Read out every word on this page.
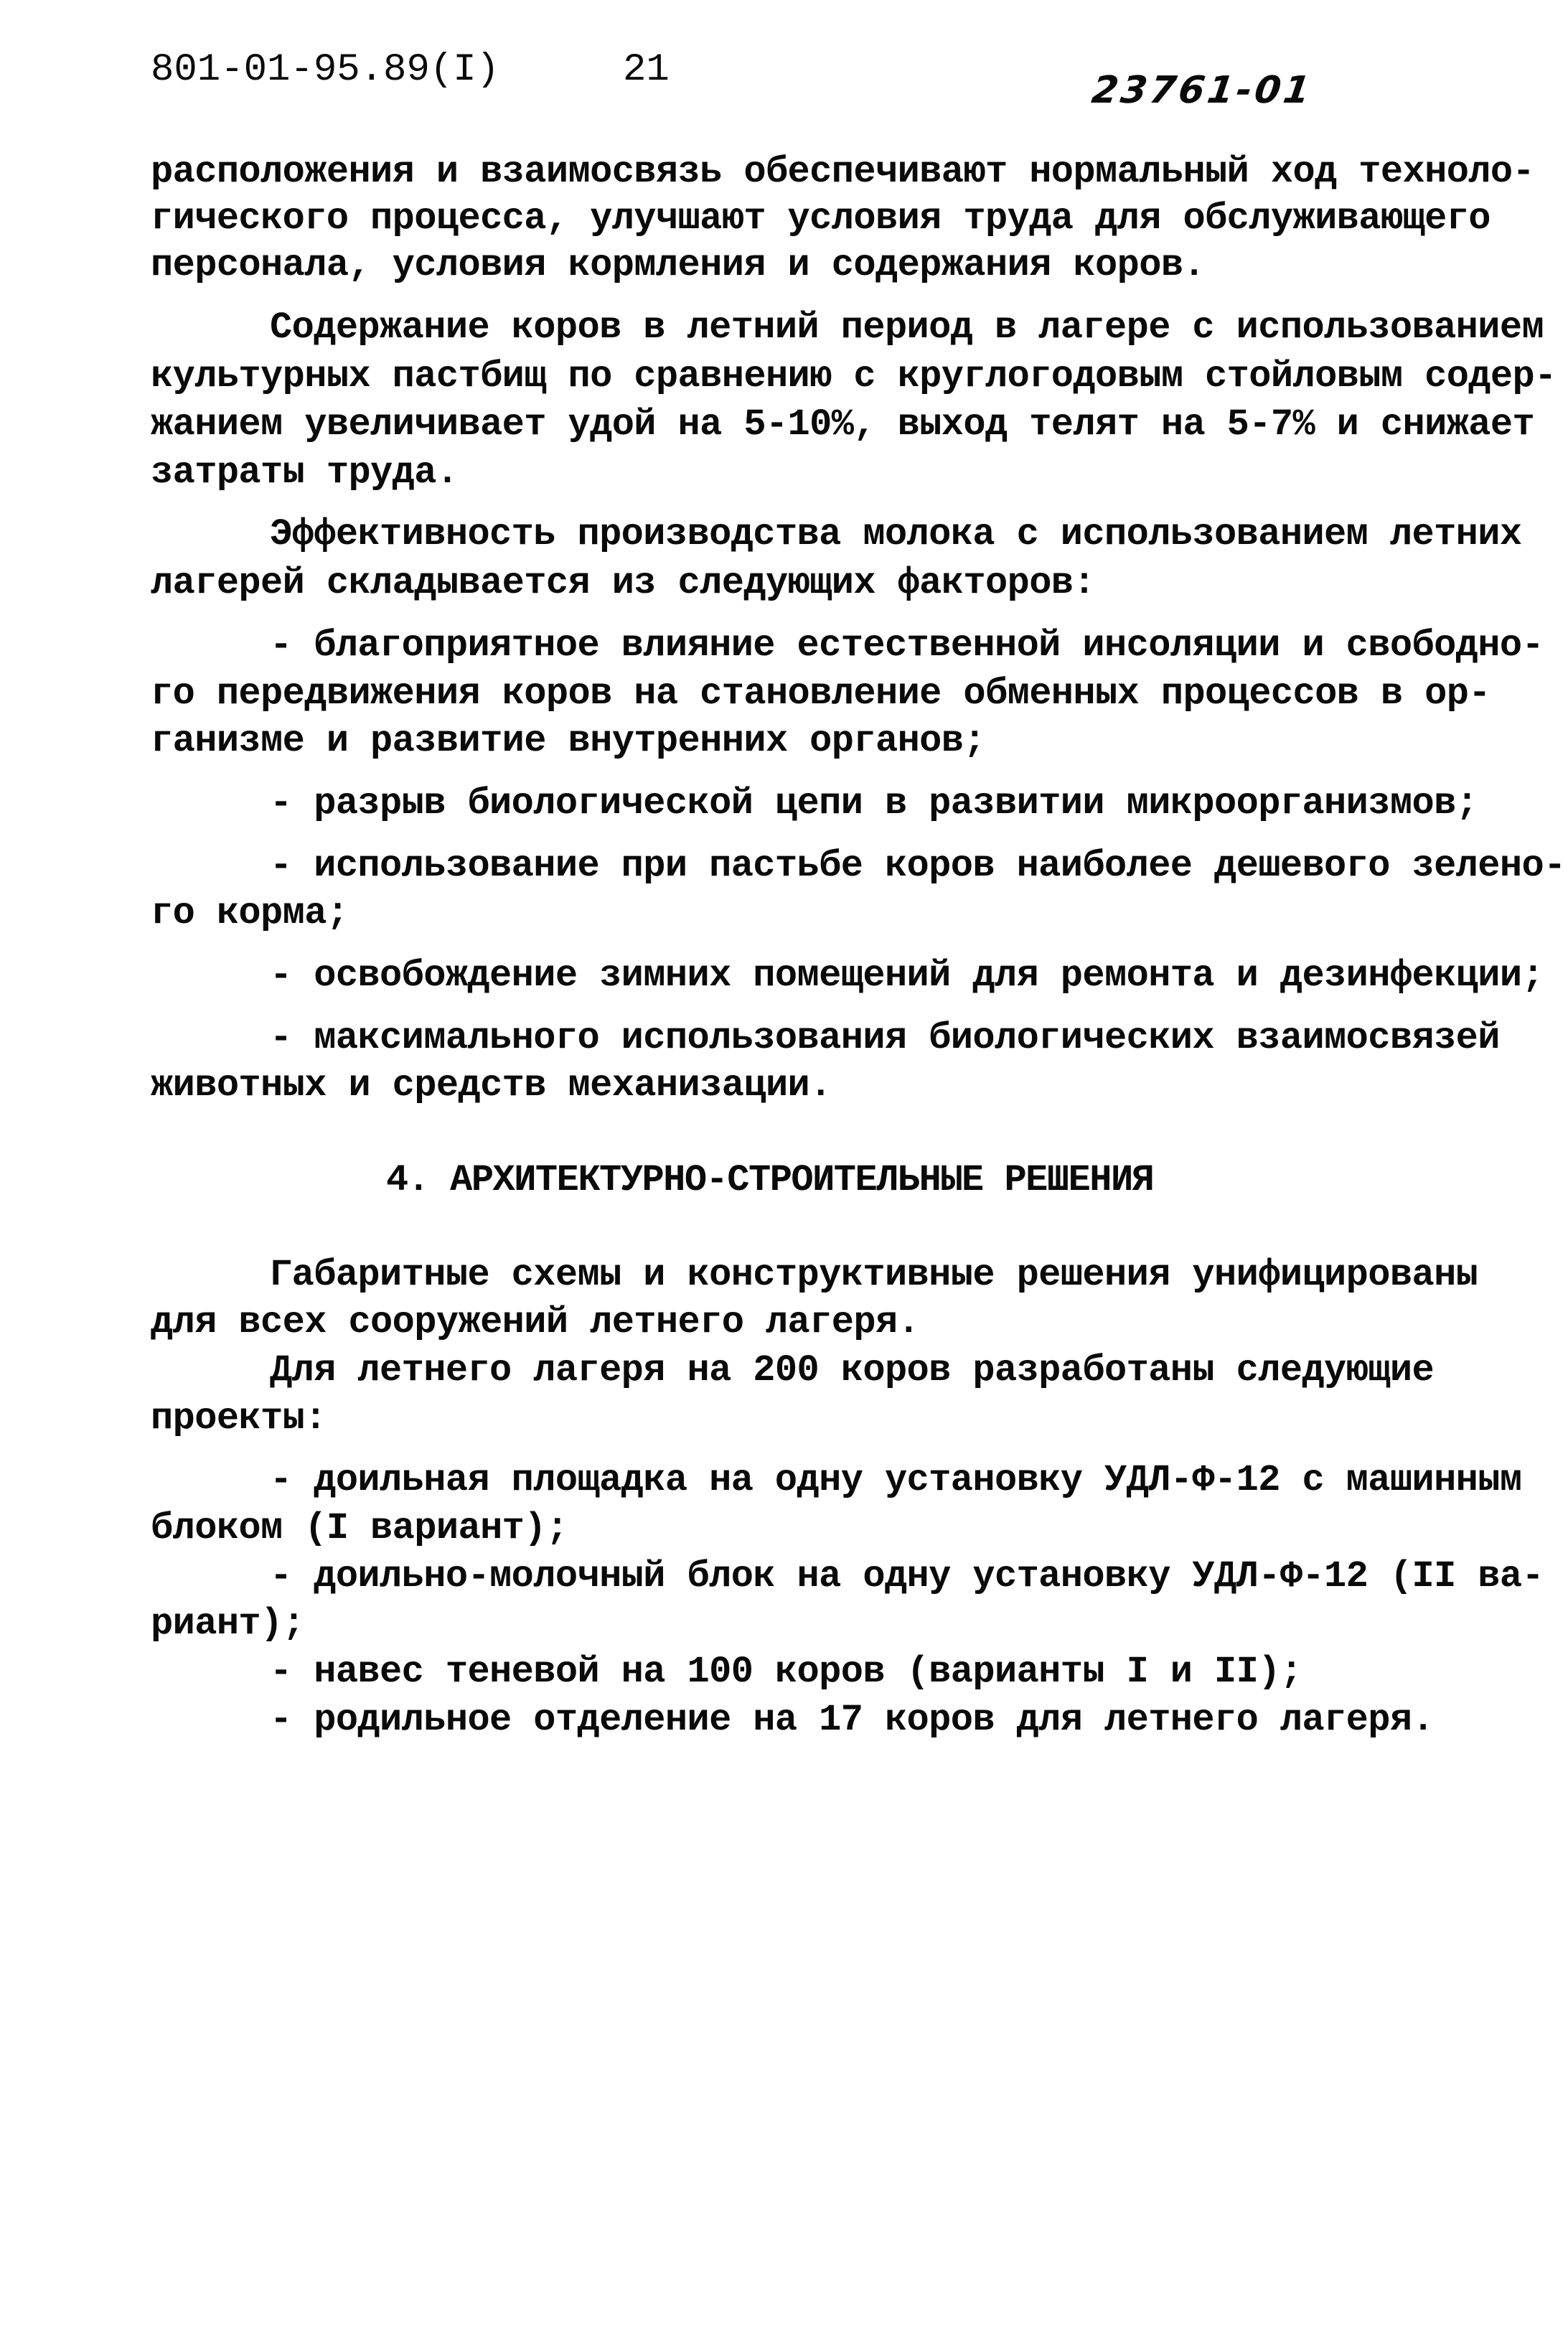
801-01-95.89(I)	21	23761-01
расположения и взаимосвязь обеспечивают нормальный ход техноло-
гического процесса, улучшают условия труда для обслуживающего
персонала, условия кормления и содержания коров.
Содержание коров в летний период в лагере с использованием
культурных пастбищ по сравнению с круглогодовым стойловым содер-
жанием увеличивает удой на 5-10%, выход телят на 5-7% и снижает
затраты труда.
Эффективность производства молока с использованием летних
лагерей складывается из следующих факторов:
- благоприятное влияние естественной инсоляции и свободно-
го передвижения коров на становление обменных процессов в ор-
ганизме и развитие внутренних органов;
- разрыв биологической цепи в развитии микроорганизмов;
- использование при пастьбе коров наиболее дешевого зелено-
го корма;
- освобождение зимних помещений для ремонта и дезинфекции;
- максимального использования биологических взаимосвязей
животных и средств механизации.
4. АРХИТЕКТУРНО-СТРОИТЕЛЬНЫЕ РЕШЕНИЯ
Габаритные схемы и конструктивные решения унифицированы
для всех сооружений летнего лагеря.
Для летнего лагеря на 200 коров разработаны следующие
проекты:
- доильная площадка на одну установку УДЛ-Ф-12 с машинным
блоком (I вариант);
- доильно-молочный блок на одну установку УДЛ-Ф-12 (II ва-
риант);
- навес теневой на 100 коров (варианты I и II);
- родильное отделение на 17 коров для летнего лагеря.
